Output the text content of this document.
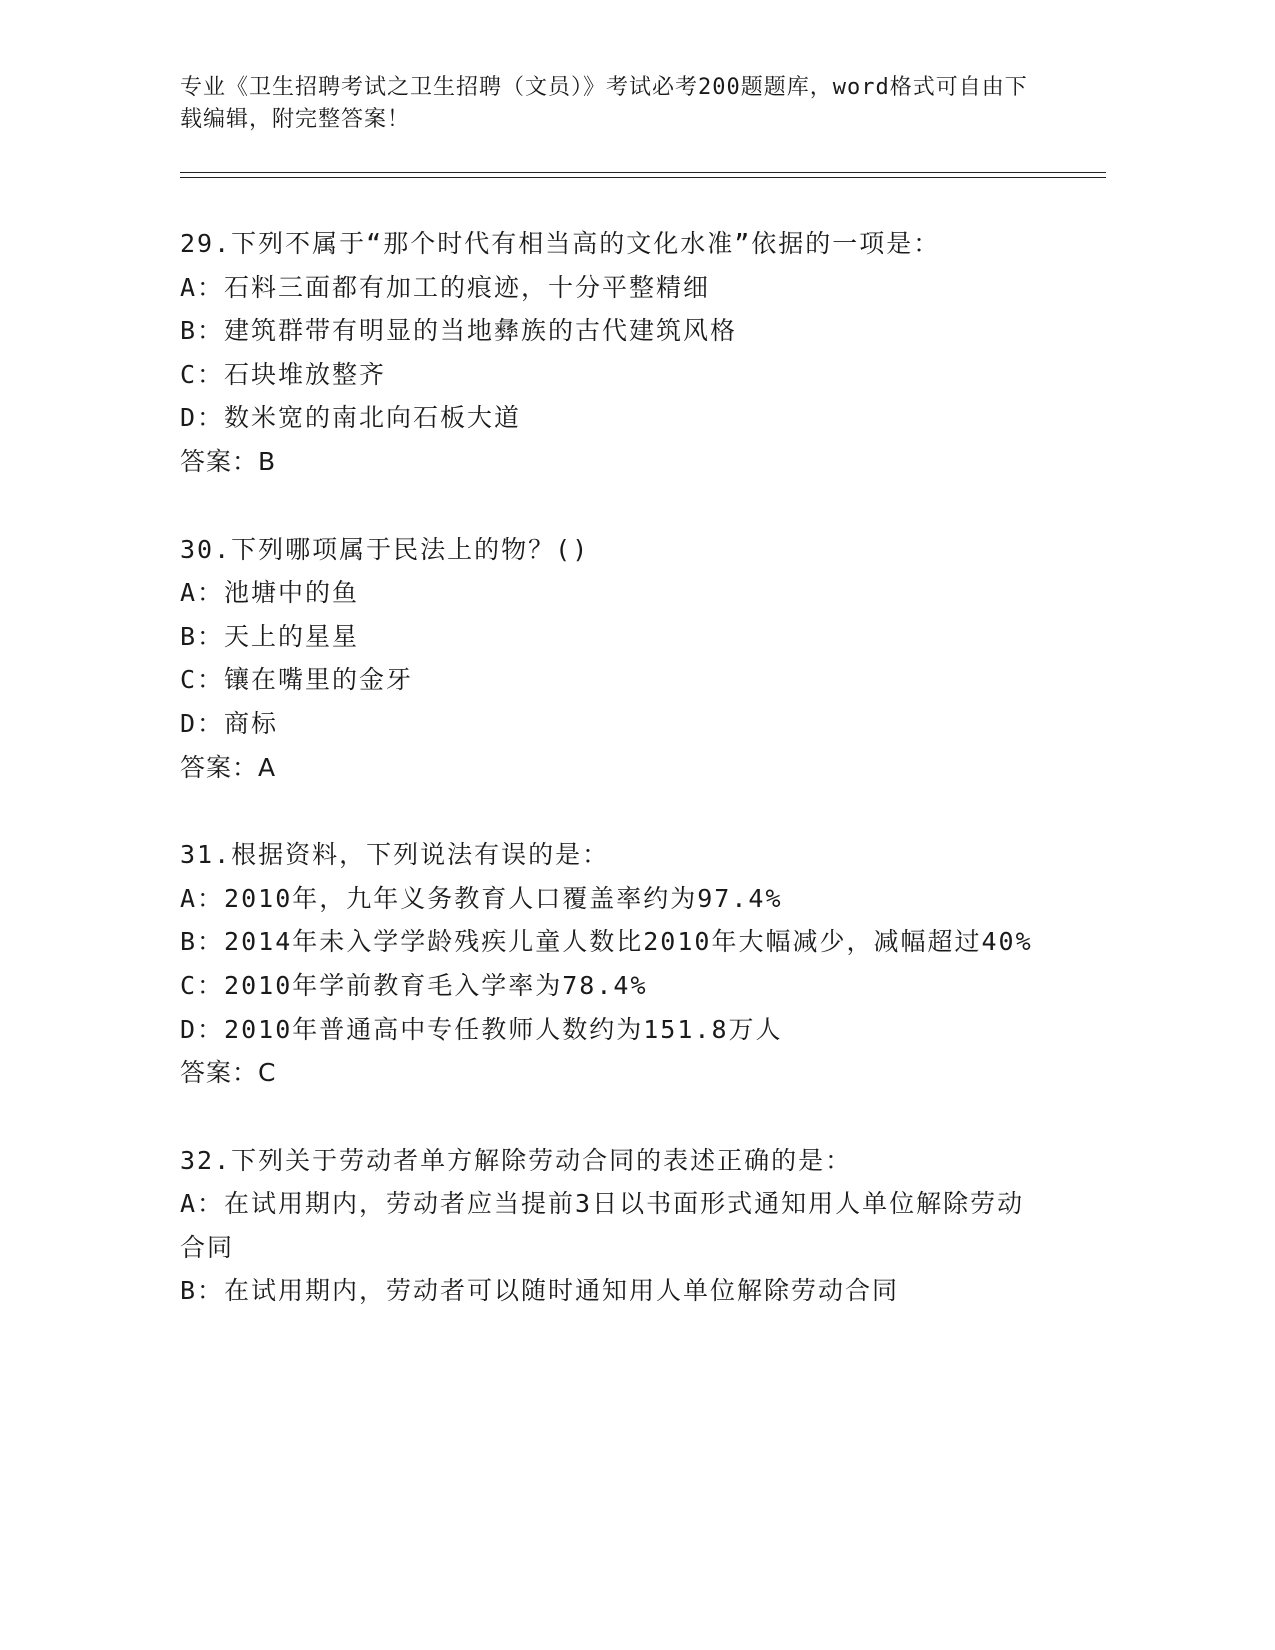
专业《卫生招聘考试之卫生招聘（文员）》考试必考200题题库，word格式可自由下载编辑，附完整答案！
29.下列不属于“那个时代有相当高的文化水准”依据的一项是：
A：石料三面都有加工的痕迹，十分平整精细
B：建筑群带有明显的当地彝族的古代建筑风格
C：石块堆放整齐
D：数米宽的南北向石板大道
答案：B
30.下列哪项属于民法上的物？()
A：池塘中的鱼
B：天上的星星
C：镶在嘴里的金牙
D：商标
答案：A
31.根据资料，下列说法有误的是：
A：2010年，九年义务教育人口覆盖率约为97.4%
B：2014年未入学学龄残疾儿童人数比2010年大幅减少，减幅超过40%
C：2010年学前教育毛入学率为78.4%
D：2010年普通高中专任教师人数约为151.8万人
答案：C
32.下列关于劳动者单方解除劳动合同的表述正确的是：
A：在试用期内，劳动者应当提前3日以书面形式通知用人单位解除劳动合同
B：在试用期内，劳动者可以随时通知用人单位解除劳动合同
